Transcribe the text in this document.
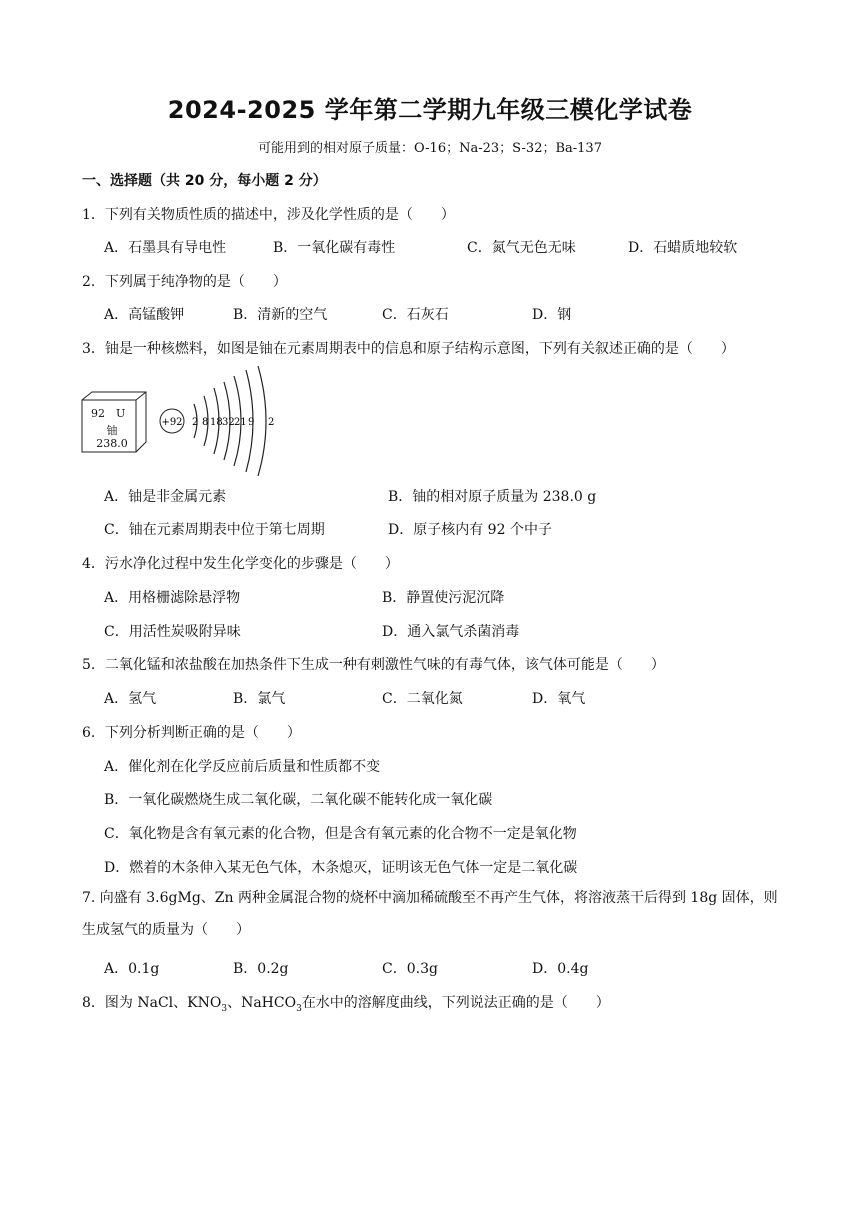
2024-2025 学年第二学期九年级三模化学试卷
可能用到的相对原子质量：O-16；Na-23；S-32；Ba-137
一、选择题（共 20 分，每小题 2 分）
1．下列有关物质性质的描述中，涉及化学性质的是（　　）
A．石墨具有导电性	B．一氧化碳有毒性	C．氮气无色无味	D．石蜡质地较软
2．下列属于纯净物的是（　　）
A．高锰酸钾	B．清新的空气	C．石灰石	D．钢
3．铀是一种核燃料，如图是铀在元素周期表中的信息和原子结构示意图，下列有关叙述正确的是（　　）
92 U
铀
238.0
+92 2 8 18 32 21 9 2
A．铀是非金属元素	B．铀的相对原子质量为 238.0 g
C．铀在元素周期表中位于第七周期	D．原子核内有 92 个中子
4．污水净化过程中发生化学变化的步骤是（　　）
A．用格栅滤除悬浮物	B．静置使污泥沉降
C．用活性炭吸附异味	D．通入氯气杀菌消毒
5．二氧化锰和浓盐酸在加热条件下生成一种有刺激性气味的有毒气体，该气体可能是（　　）
A．氢气	B．氯气	C．二氧化氮	D．氧气
6．下列分析判断正确的是（　　）
A．催化剂在化学反应前后质量和性质都不变
B．一氧化碳燃烧生成二氧化碳，二氧化碳不能转化成一氧化碳
C．氧化物是含有氧元素的化合物，但是含有氧元素的化合物不一定是氧化物
D．燃着的木条伸入某无色气体，木条熄灭，证明该无色气体一定是二氧化碳
7. 向盛有 3.6gMg、Zn 两种金属混合物的烧杯中滴加稀硫酸至不再产生气体，将溶液蒸干后得到 18g 固体，则生成氢气的质量为（　　）
A．0.1g	B．0.2g	C．0.3g	D．0.4g
8．图为 NaCl、$KNO_3$、NaHCO$_3$在水中的溶解度曲线，下列说法正确的是（　　）
